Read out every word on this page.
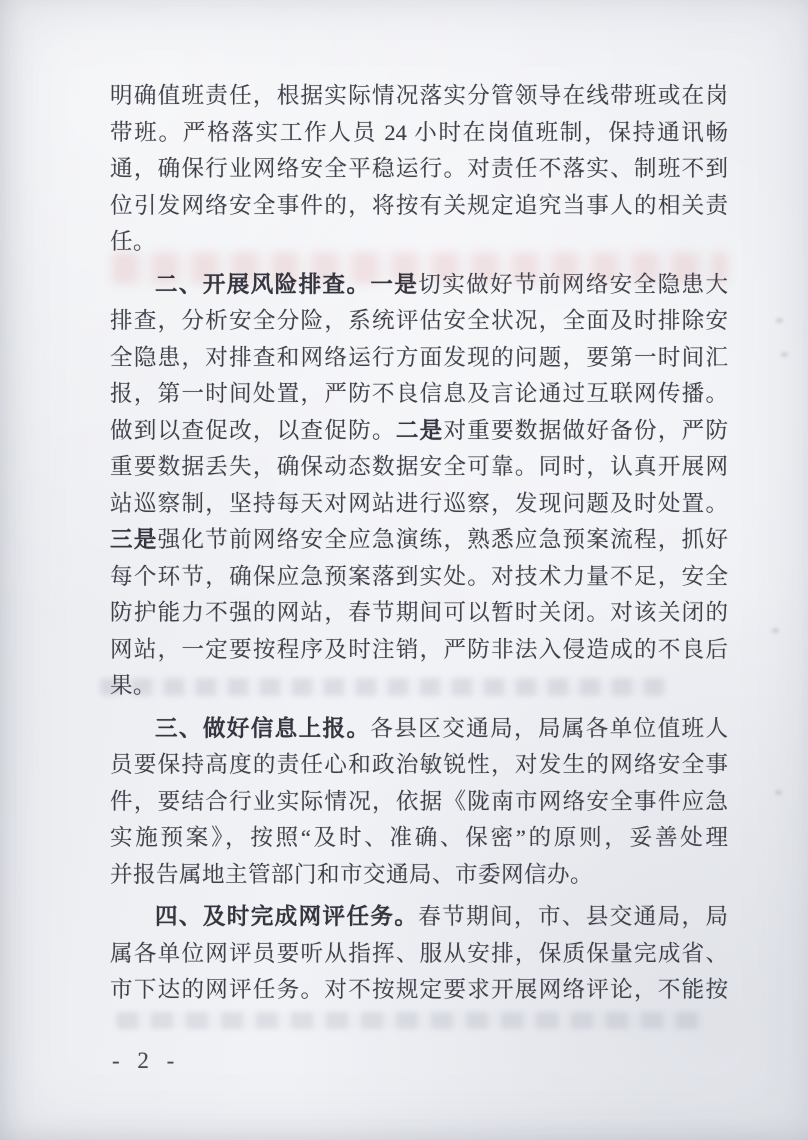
明确值班责任，根据实际情况落实分管领导在线带班或在岗
带班。严格落实工作人员 24 小时在岗值班制，保持通讯畅
通，确保行业网络安全平稳运行。对责任不落实、制班不到
位引发网络安全事件的，将按有关规定追究当事人的相关责
任。
二、开展风险排查。一是切实做好节前网络安全隐患大
排查，分析安全分险，系统评估安全状况，全面及时排除安
全隐患，对排查和网络运行方面发现的问题，要第一时间汇
报，第一时间处置，严防不良信息及言论通过互联网传播。
做到以查促改，以查促防。二是对重要数据做好备份，严防
重要数据丢失，确保动态数据安全可靠。同时，认真开展网
站巡察制，坚持每天对网站进行巡察，发现问题及时处置。
三是强化节前网络安全应急演练，熟悉应急预案流程，抓好
每个环节，确保应急预案落到实处。对技术力量不足，安全
防护能力不强的网站，春节期间可以暂时关闭。对该关闭的
网站，一定要按程序及时注销，严防非法入侵造成的不良后
果。
三、做好信息上报。各县区交通局，局属各单位值班人
员要保持高度的责任心和政治敏锐性，对发生的网络安全事
件，要结合行业实际情况，依据《陇南市网络安全事件应急
实施预案》，按照“及时、准确、保密”的原则，妥善处理
并报告属地主管部门和市交通局、市委网信办。
四、及时完成网评任务。春节期间，市、县交通局，局
属各单位网评员要听从指挥、服从安排，保质保量完成省、
市下达的网评任务。对不按规定要求开展网络评论，不能按
- 2 -
